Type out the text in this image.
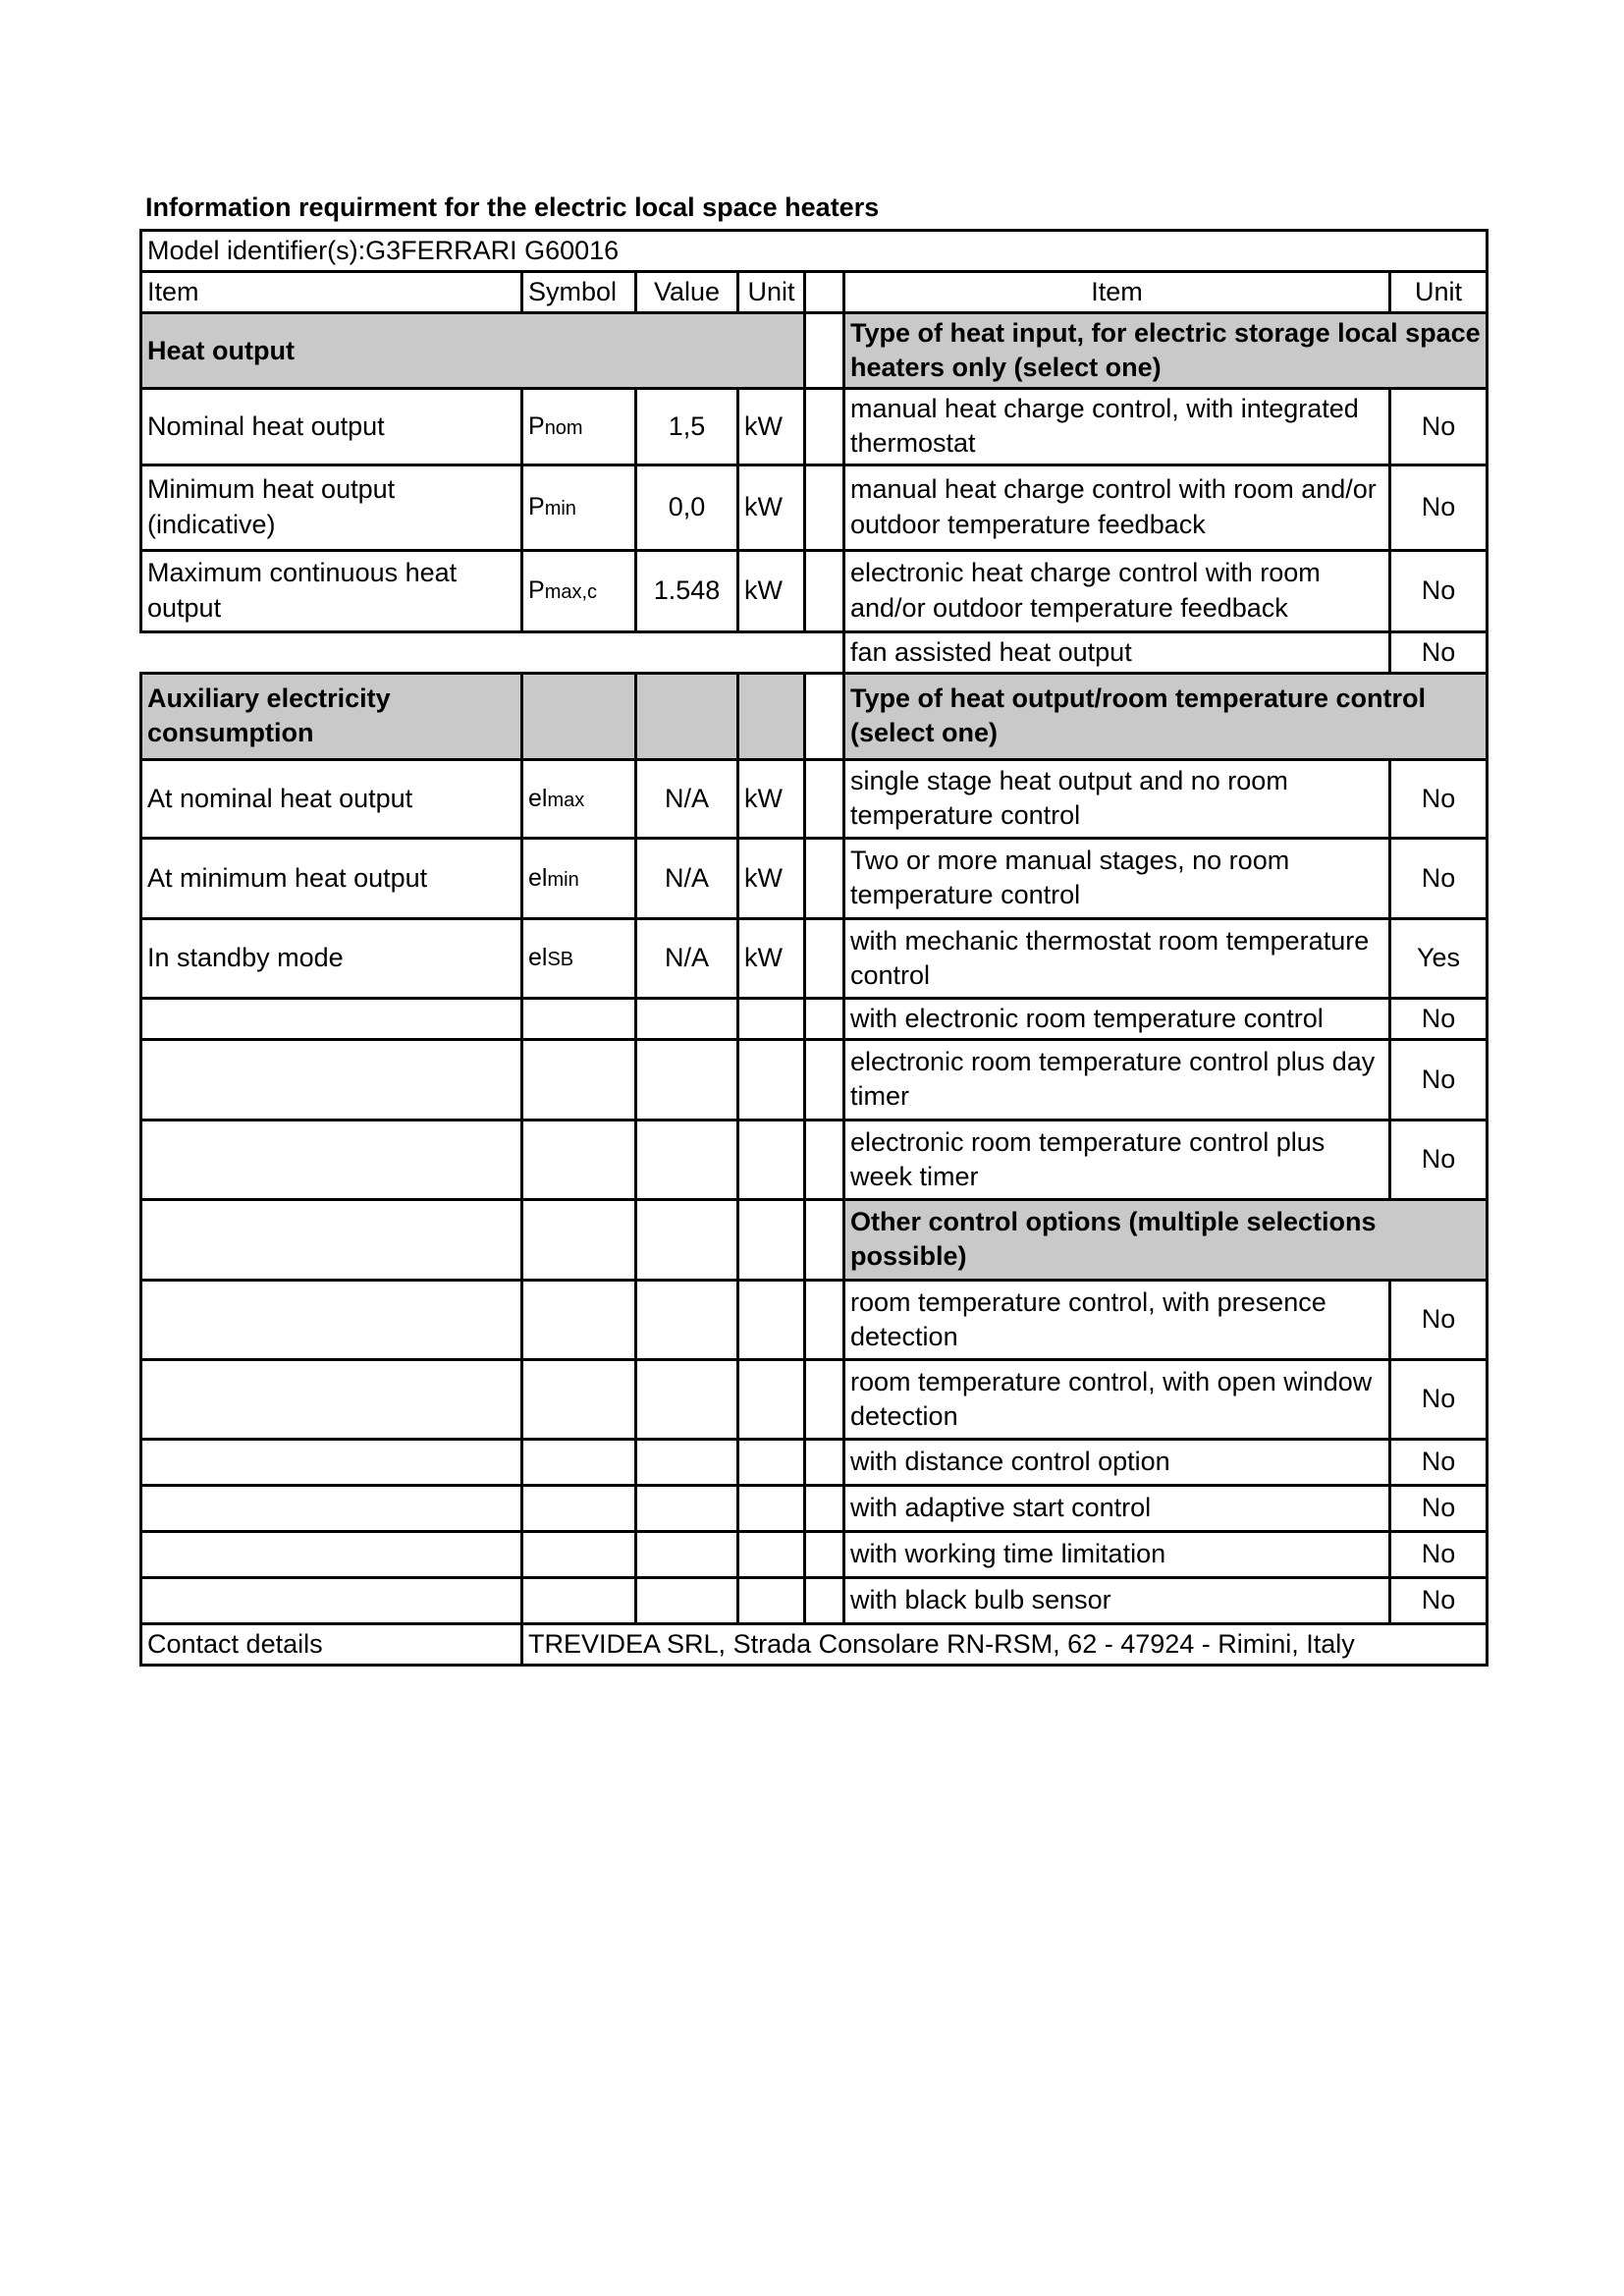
Information requirment for the electric local space heaters
Model identifier(s):G3FERRARI G60016						
Item	Symbol	Value	Unit		Item	Unit
Heat output					Type of heat input, for electric storage local space heaters only (select one)	
Nominal heat output	Pnom	1,5	kW		manual heat charge control, with integrated thermostat	No
Minimum heat output (indicative)	Pmin	0,0	kW		manual heat charge control with room and/or outdoor temperature feedback	No
Maximum continuous heat output	Pmax,c	1.548	kW		electronic heat charge control with room and/or outdoor temperature feedback	No
					fan assisted heat output	No
Auxiliary electricity consumption					Type of heat output/room temperature control (select one)	
At nominal heat output	elmax	N/A	kW		single stage heat output and no room temperature control	No
At minimum heat output	elmin	N/A	kW		Two or more manual stages, no room temperature control	No
In standby mode	elSB	N/A	kW		with mechanic thermostat room temperature control	Yes
					with electronic room temperature control	No
					electronic room temperature control plus day timer	No
					electronic room temperature control plus week timer	No
					Other control options (multiple selections possible)	
					room temperature control, with presence detection	No
					room temperature control, with open window detection	No
					with distance control option	No
					with adaptive start control	No
					with working time limitation	No
					with black bulb sensor	No
Contact details	TREVIDEA SRL, Strada Consolare RN-RSM, 62 - 47924 - Rimini, Italy					
